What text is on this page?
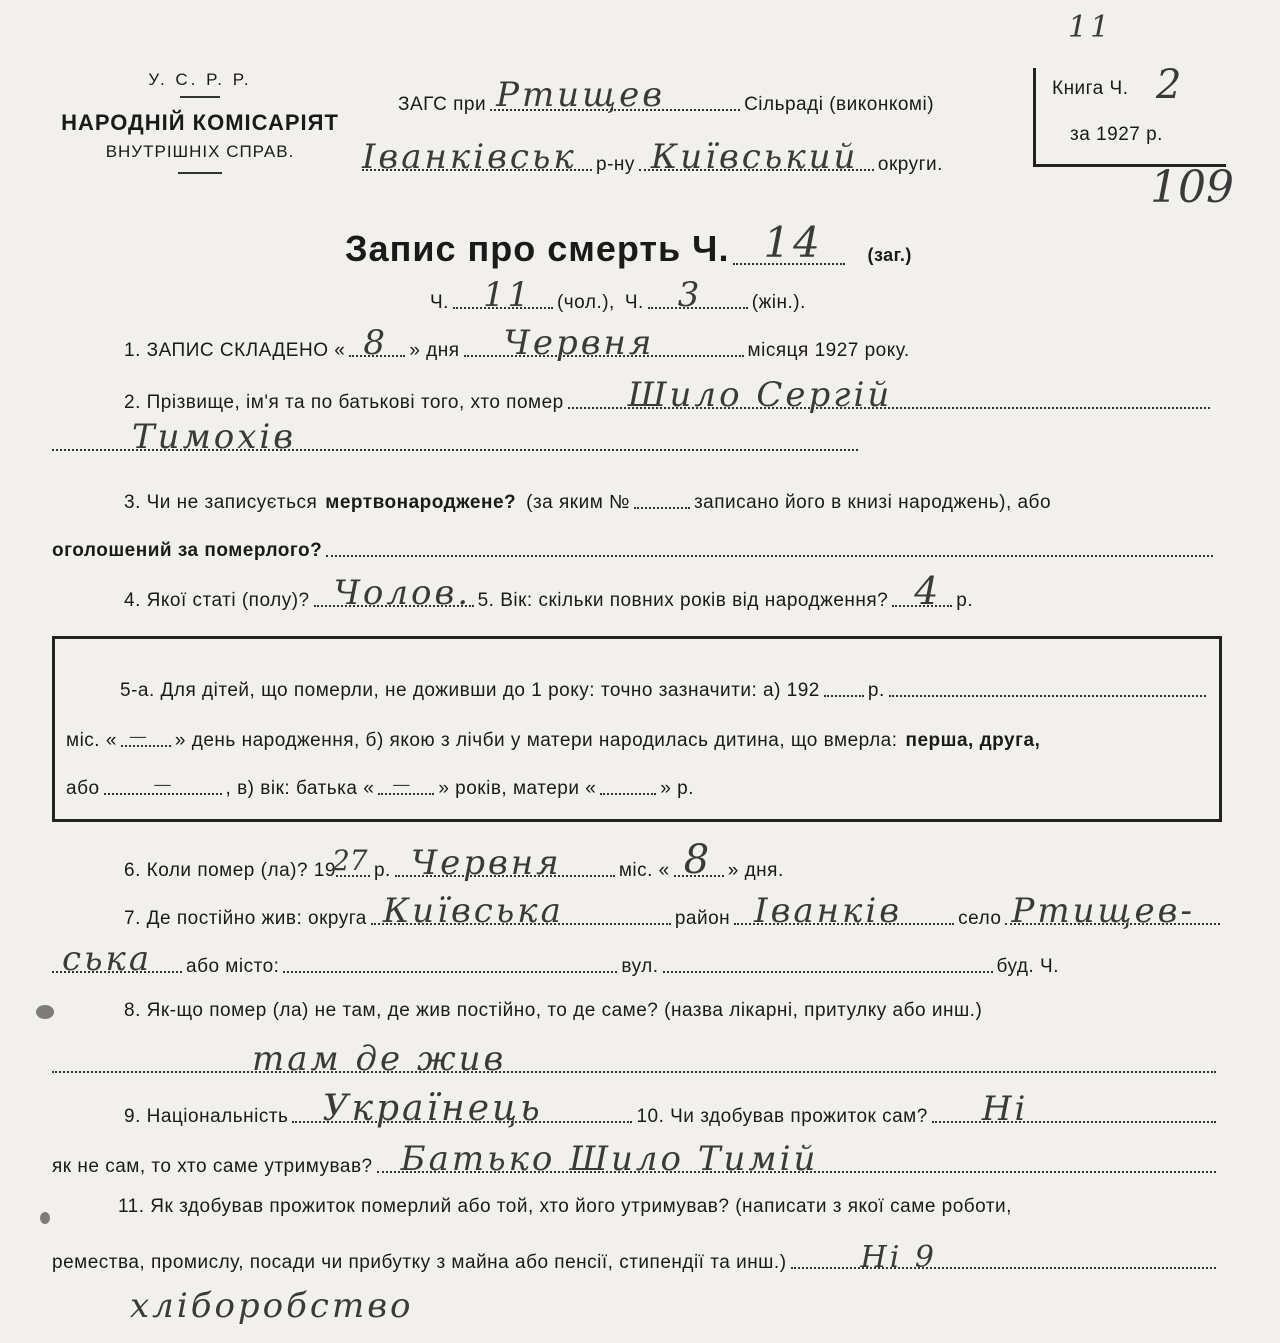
У. С. Р. Р.
НАРОДНІЙ КОМІСАРІЯТ
ВНУТРІШНІХ СПРАВ.
ЗАГС при Ртищев	Сільраді (виконкомі)
Іванківськ р-ну Київський округи.
Книга Ч. 2
за 1927 р.
11
109
Запис про смерть Ч. 14 (заг.)
Ч. 11 (чол.), Ч. 3	(жін.).
1. ЗАПИС СКЛАДЕНО « 8 » дня Червня	місяця 1927 року.
2. Прізвище, ім'я та по батькові того, хто помер Шило Сергій
Тимохів
3. Чи не записується мертвонароджене? (за яким №	записано його в книзі народжень), або
оголошений за померлого?
4. Якої статі (полу)? Чолов. 5. Вік: скільки повних років від народження? 4 р.
5-а. Для дітей, що померли, не доживши до 1 року: точно зазначити: а) 192	р.
міс. « — » день народження, б) якою з лічби у матери народилась дитина, що вмерла: перша, друга,
або	—	, в) вік: батька « — » років, матери «	» р.
6. Коли помер (ла)? 19
27 р. Червня	міс. « 8 » дня.
7. Де постійно жив: округа Київська	район Іванків	село Ртищев-
ська або місто:	вул.	буд. Ч.
8. Як-що помер (ла) не там, де жив постійно, то де саме? (назва лікарні, притулку або инш.)
там де жив
9. Національність Українець	10. Чи здобував прожиток сам? Ні
як не сам, то хто саме утримував? Батько Шило Тимій
11. Як здобував прожиток померлий або той, хто його утримував? (написати з якої саме роботи,
ремества, промислу, посади чи прибутку з майна або пенсії, стипендії та инш.) Ні 9
хліборобство
